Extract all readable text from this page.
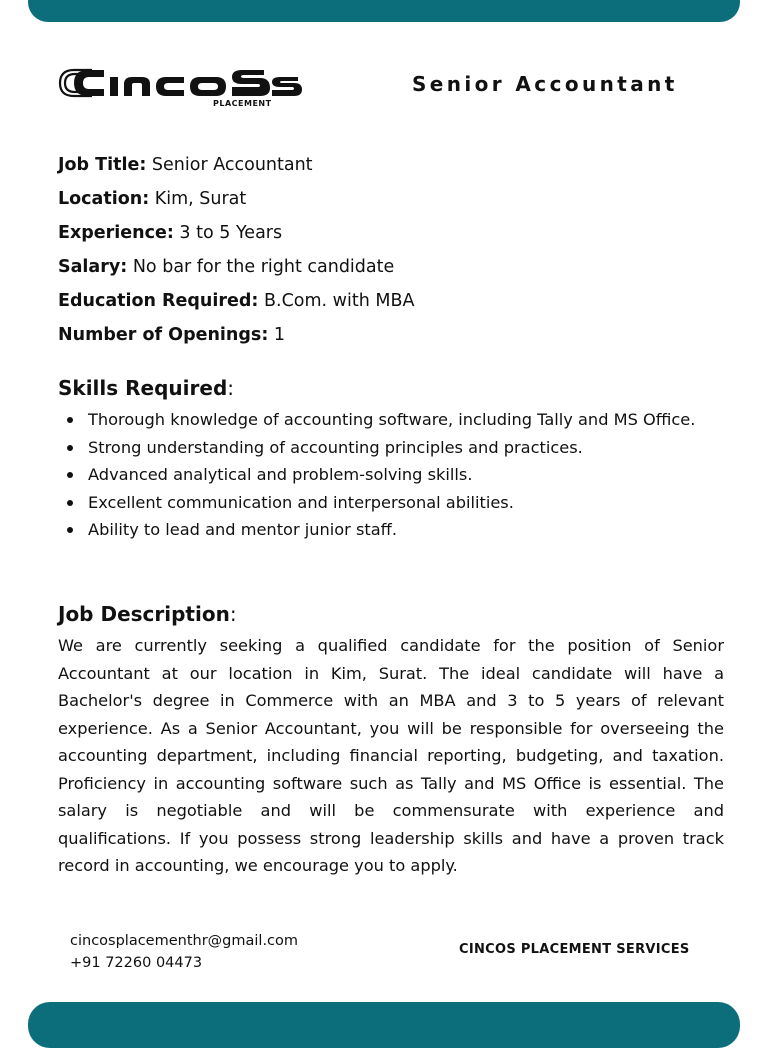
PLACEMENT
Senior Accountant
Job Title: Senior Accountant
Location: Kim, Surat
Experience: 3 to 5 Years
Salary: No bar for the right candidate
Education Required: B.Com. with MBA
Number of Openings: 1
Skills Required:
Thorough knowledge of accounting software, including Tally and MS Office.
Strong understanding of accounting principles and practices.
Advanced analytical and problem-solving skills.
Excellent communication and interpersonal abilities.
Ability to lead and mentor junior staff.
Job Description:
We are currently seeking a qualified candidate for the position of Senior Accountant at our location in Kim, Surat. The ideal candidate will have a Bachelor's degree in Commerce with an MBA and 3 to 5 years of relevant experience. As a Senior Accountant, you will be responsible for overseeing the accounting department, including financial reporting, budgeting, and taxation. Proficiency in accounting software such as Tally and MS Office is essential. The salary is negotiable and will be commensurate with experience and qualifications. If you possess strong leadership skills and have a proven track record in accounting, we encourage you to apply.
cincosplacementhr@gmail.com
+91 72260 04473
CINCOS PLACEMENT SERVICES
